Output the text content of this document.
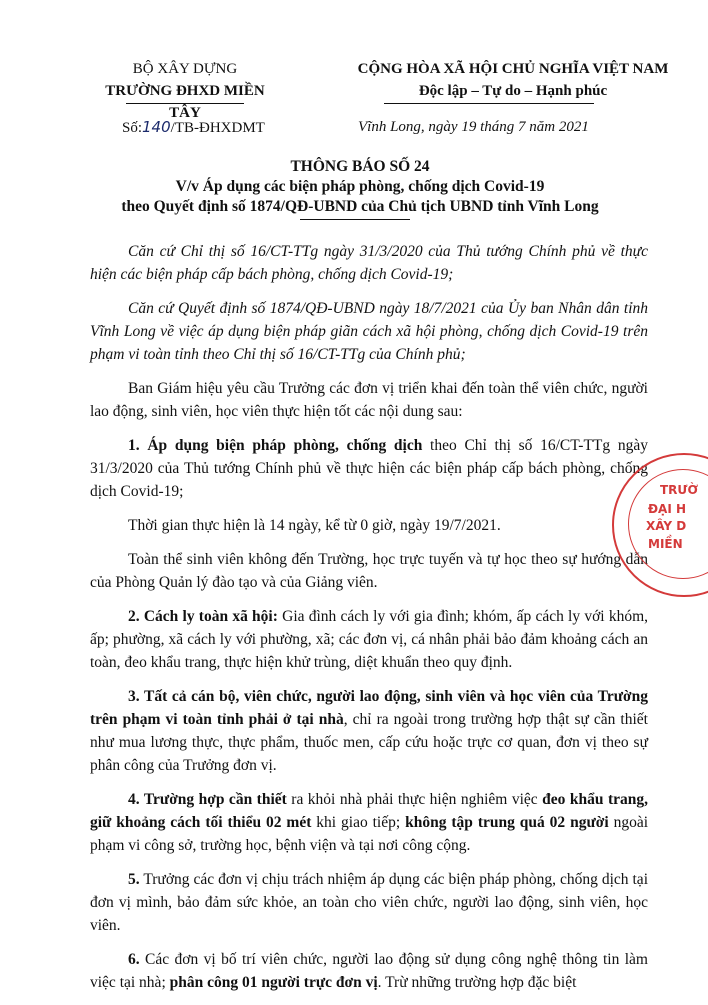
BỘ XÂY DỰNG
TRƯỜNG ĐHXD MIỀN TÂY
CỘNG HÒA XÃ HỘI CHỦ NGHĨA VIỆT NAM
Độc lập – Tự do – Hạnh phúc
Số:140/TB-ĐHXDMT	Vĩnh Long, ngày 19 tháng 7 năm 2021
THÔNG BÁO SỐ 24
V/v Áp dụng các biện pháp phòng, chống dịch Covid-19
theo Quyết định số 1874/QĐ-UBND của Chủ tịch UBND tỉnh Vĩnh Long

Căn cứ Chỉ thị số 16/CT-TTg ngày 31/3/2020 của Thủ tướng Chính phủ về thực hiện các biện pháp cấp bách phòng, chống dịch Covid-19;

Căn cứ Quyết định số 1874/QĐ-UBND ngày 18/7/2021 của Ủy ban Nhân dân tỉnh Vĩnh Long về việc áp dụng biện pháp giãn cách xã hội phòng, chống dịch Covid-19 trên phạm vi toàn tỉnh theo Chỉ thị số 16/CT-TTg của Chính phủ;

Ban Giám hiệu yêu cầu Trưởng các đơn vị triển khai đến toàn thể viên chức, người lao động, sinh viên, học viên thực hiện tốt các nội dung sau:

1. Áp dụng biện pháp phòng, chống dịch theo Chỉ thị số 16/CT-TTg ngày 31/3/2020 của Thủ tướng Chính phủ về thực hiện các biện pháp cấp bách phòng, chống dịch Covid-19;

Thời gian thực hiện là 14 ngày, kể từ 0 giờ, ngày 19/7/2021.

Toàn thể sinh viên không đến Trường, học trực tuyến và tự học theo sự hướng dẫn của Phòng Quản lý đào tạo và của Giảng viên.

2. Cách ly toàn xã hội: Gia đình cách ly với gia đình; khóm, ấp cách ly với khóm, ấp; phường, xã cách ly với phường, xã; các đơn vị, cá nhân phải bảo đảm khoảng cách an toàn, đeo khẩu trang, thực hiện khử trùng, diệt khuẩn theo quy định.

3. Tất cả cán bộ, viên chức, người lao động, sinh viên và học viên của Trường trên phạm vi toàn tỉnh phải ở tại nhà, chỉ ra ngoài trong trường hợp thật sự cần thiết như mua lương thực, thực phẩm, thuốc men, cấp cứu hoặc trực cơ quan, đơn vị theo sự phân công của Trưởng đơn vị.

4. Trường hợp cần thiết ra khỏi nhà phải thực hiện nghiêm việc đeo khẩu trang, giữ khoảng cách tối thiểu 02 mét khi giao tiếp; không tập trung quá 02 người ngoài phạm vi công sở, trường học, bệnh viện và tại nơi công cộng.

5. Trưởng các đơn vị chịu trách nhiệm áp dụng các biện pháp phòng, chống dịch tại đơn vị mình, bảo đảm sức khỏe, an toàn cho viên chức, người lao động, sinh viên, học viên.

6. Các đơn vị bố trí viên chức, người lao động sử dụng công nghệ thông tin làm việc tại nhà; phân công 01 người trực đơn vị. Trừ những trường hợp đặc biệt

TRƯỜ
ĐẠI H
XÂY D
MIỀN
